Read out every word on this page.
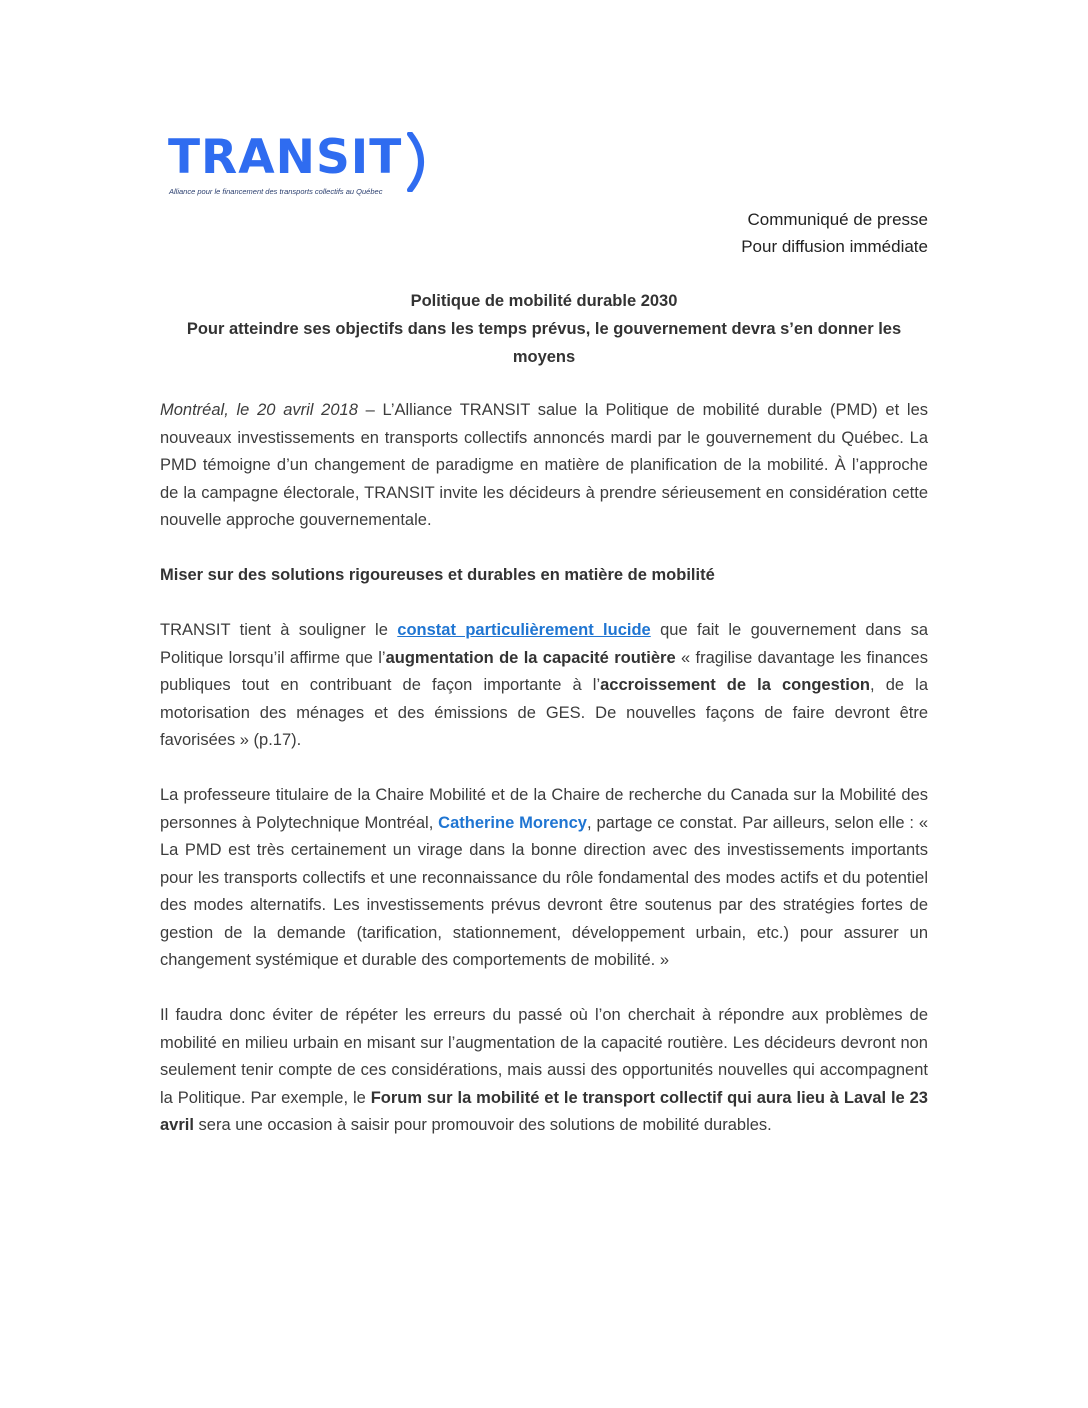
TRANSIT
Alliance pour le financement des transports collectifs au Québec
Communiqué de presse
Pour diffusion immédiate
Politique de mobilité durable 2030
Pour atteindre ses objectifs dans les temps prévus, le gouvernement devra s’en donner les moyens

Montréal, le 20 avril 2018 – L’Alliance TRANSIT salue la Politique de mobilité durable (PMD) et les nouveaux investissements en transports collectifs annoncés mardi par le gouvernement du Québec. La PMD témoigne d’un changement de paradigme en matière de planification de la mobilité. À l’approche de la campagne électorale, TRANSIT invite les décideurs à prendre sérieusement en considération cette nouvelle approche gouvernementale.

Miser sur des solutions rigoureuses et durables en matière de mobilité

TRANSIT tient à souligner le constat particulièrement lucide que fait le gouvernement dans sa Politique lorsqu’il affirme que l’augmentation de la capacité routière « fragilise davantage les finances publiques tout en contribuant de façon importante à l’accroissement de la congestion, de la motorisation des ménages et des émissions de GES. De nouvelles façons de faire devront être favorisées » (p.17).

La professeure titulaire de la Chaire Mobilité et de la Chaire de recherche du Canada sur la Mobilité des personnes à Polytechnique Montréal, Catherine Morency, partage ce constat. Par ailleurs, selon elle : « La PMD est très certainement un virage dans la bonne direction avec des investissements importants pour les transports collectifs et une reconnaissance du rôle fondamental des modes actifs et du potentiel des modes alternatifs. Les investissements prévus devront être soutenus par des stratégies fortes de gestion de la demande (tarification, stationnement, développement urbain, etc.) pour assurer un changement systémique et durable des comportements de mobilité. »

Il faudra donc éviter de répéter les erreurs du passé où l’on cherchait à répondre aux problèmes de mobilité en milieu urbain en misant sur l’augmentation de la capacité routière. Les décideurs devront non seulement tenir compte de ces considérations, mais aussi des opportunités nouvelles qui accompagnent la Politique. Par exemple, le Forum sur la mobilité et le transport collectif qui aura lieu à Laval le 23 avril sera une occasion à saisir pour promouvoir des solutions de mobilité durables.
